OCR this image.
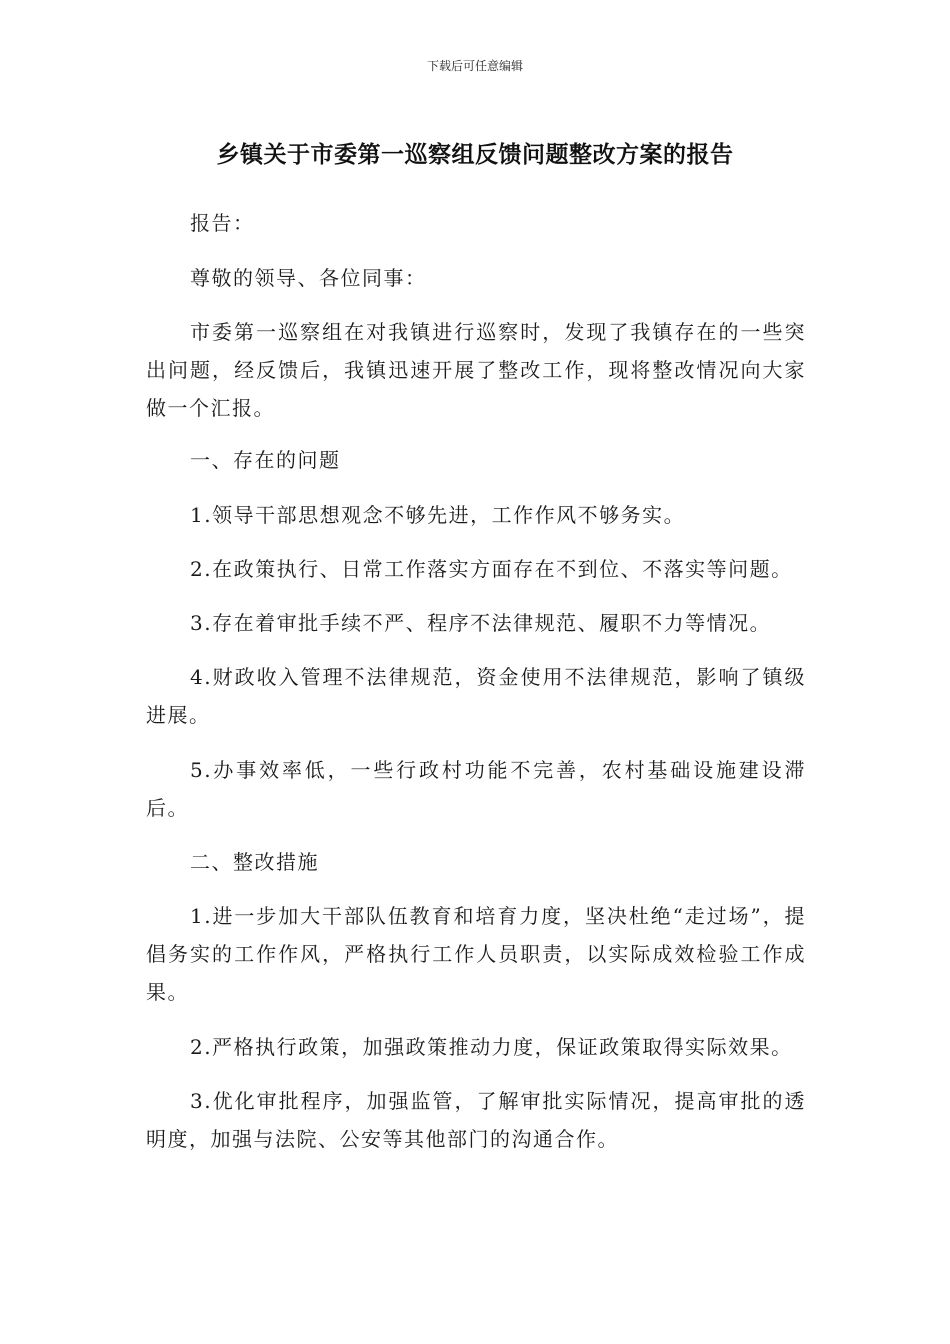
下载后可任意编辑
乡镇关于市委第一巡察组反馈问题整改方案的报告

报告：

尊敬的领导、各位同事：

市委第一巡察组在对我镇进行巡察时，发现了我镇存在的一些突出问题，经反馈后，我镇迅速开展了整改工作，现将整改情况向大家做一个汇报。

一、存在的问题

1.领导干部思想观念不够先进，工作作风不够务实。

2.在政策执行、日常工作落实方面存在不到位、不落实等问题。

3.存在着审批手续不严、程序不法律规范、履职不力等情况。

4.财政收入管理不法律规范，资金使用不法律规范，影响了镇级进展。

5.办事效率低，一些行政村功能不完善，农村基础设施建设滞后。

二、整改措施

1.进一步加大干部队伍教育和培育力度，坚决杜绝“走过场”，提倡务实的工作作风，严格执行工作人员职责，以实际成效检验工作成果。

2.严格执行政策，加强政策推动力度，保证政策取得实际效果。

3.优化审批程序，加强监管，了解审批实际情况，提高审批的透明度，加强与法院、公安等其他部门的沟通合作。
